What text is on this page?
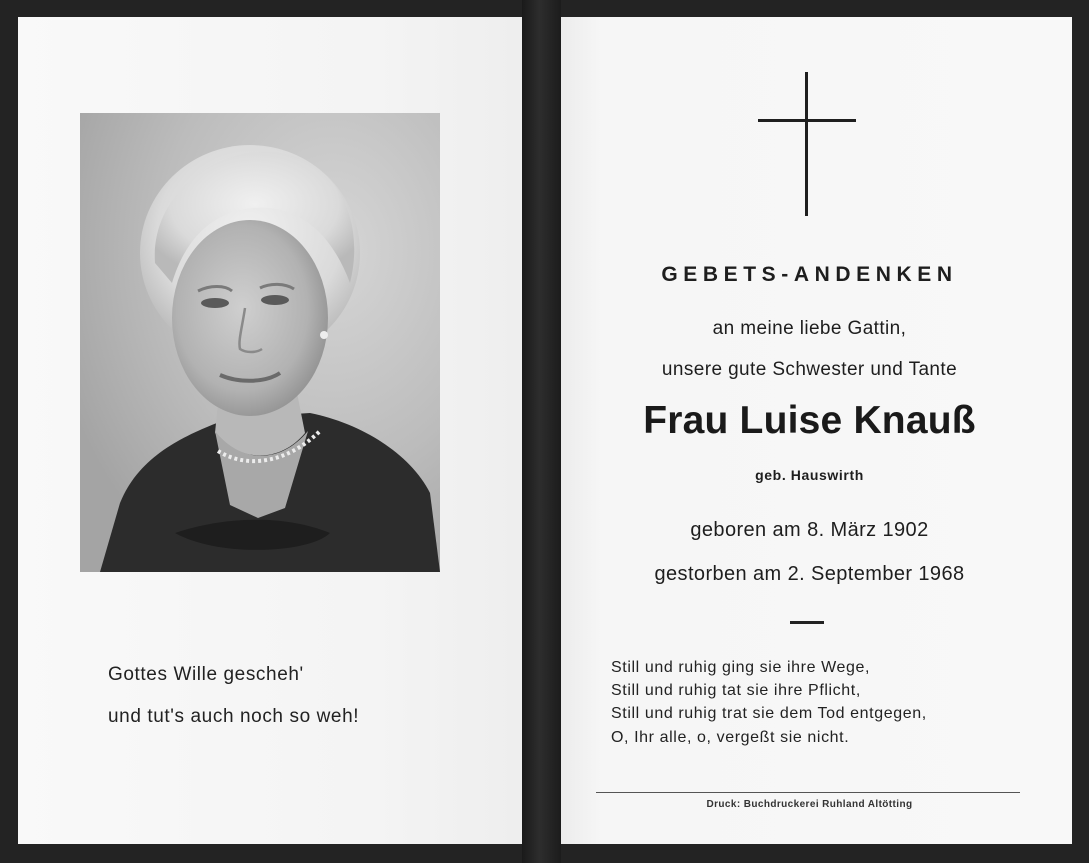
Gottes Wille gescheh'
und tut's auch noch so weh!
GEBETS-ANDENKEN
an meine liebe Gattin,
unsere gute Schwester und Tante
Frau Luise Knauß
geb. Hauswirth
geboren am 8. März 1902
gestorben am 2. September 1968
Still und ruhig ging sie ihre Wege,
Still und ruhig tat sie ihre Pflicht,
Still und ruhig trat sie dem Tod entgegen,
O, Ihr alle, o, vergeßt sie nicht.
Druck: Buchdruckerei Ruhland Altötting
